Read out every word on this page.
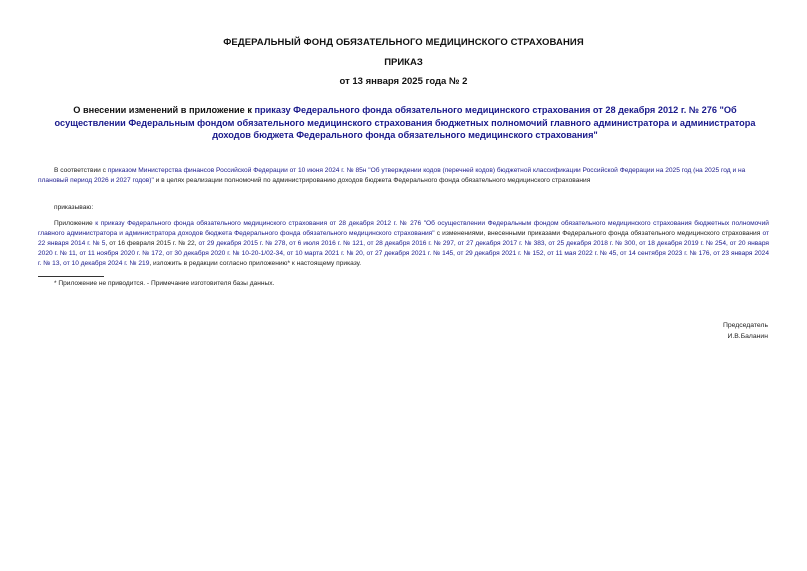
ФЕДЕРАЛЬНЫЙ ФОНД ОБЯЗАТЕЛЬНОГО МЕДИЦИНСКОГО СТРАХОВАНИЯ
ПРИКАЗ
от 13 января 2025 года № 2
О внесении изменений в приложение к приказу Федерального фонда обязательного медицинского страхования от 28 декабря 2012 г. № 276 "Об осуществлении Федеральным фондом обязательного медицинского страхования бюджетных полномочий главного администратора и администратора доходов бюджета Федерального фонда обязательного медицинского страхования"
В соответствии с приказом Министерства финансов Российской Федерации от 10 июня 2024 г. № 85н "Об утверждении кодов (перечней кодов) бюджетной классификации Российской Федерации на 2025 год (на 2025 год и на плановый период 2026 и 2027 годов)" и в целях реализации полномочий по администрированию доходов бюджета Федерального фонда обязательного медицинского страхования
приказываю:
Приложение к приказу Федерального фонда обязательного медицинского страхования от 28 декабря 2012 г. № 276 "Об осуществлении Федеральным фондом обязательного медицинского страхования бюджетных полномочий главного администратора и администратора доходов бюджета Федерального фонда обязательного медицинского страхования" с изменениями, внесенными приказами Федерального фонда обязательного медицинского страхования от 22 января 2014 г. № 5, от 16 февраля 2015 г. № 22, от 29 декабря 2015 г. № 278, от 6 июля 2016 г. № 121, от 28 декабря 2016 г. № 297, от 27 декабря 2017 г. № 383, от 25 декабря 2018 г. № 300, от 18 декабря 2019 г. № 254, от 20 января 2020 г. № 11, от 11 ноября 2020 г. № 172, от 30 декабря 2020 г. № 10-20-1/02-34, от 10 марта 2021 г. № 20, от 27 декабря 2021 г. № 145, от 29 декабря 2021 г. № 152, от 11 мая 2022 г. № 45, от 14 сентября 2023 г. № 176, от 23 января 2024 г. № 13, от 10 декабря 2024 г. № 219, изложить в редакции согласно приложению* к настоящему приказу.
* Приложение не приводится. - Примечание изготовителя базы данных.
Председатель
И.В.Баланин
